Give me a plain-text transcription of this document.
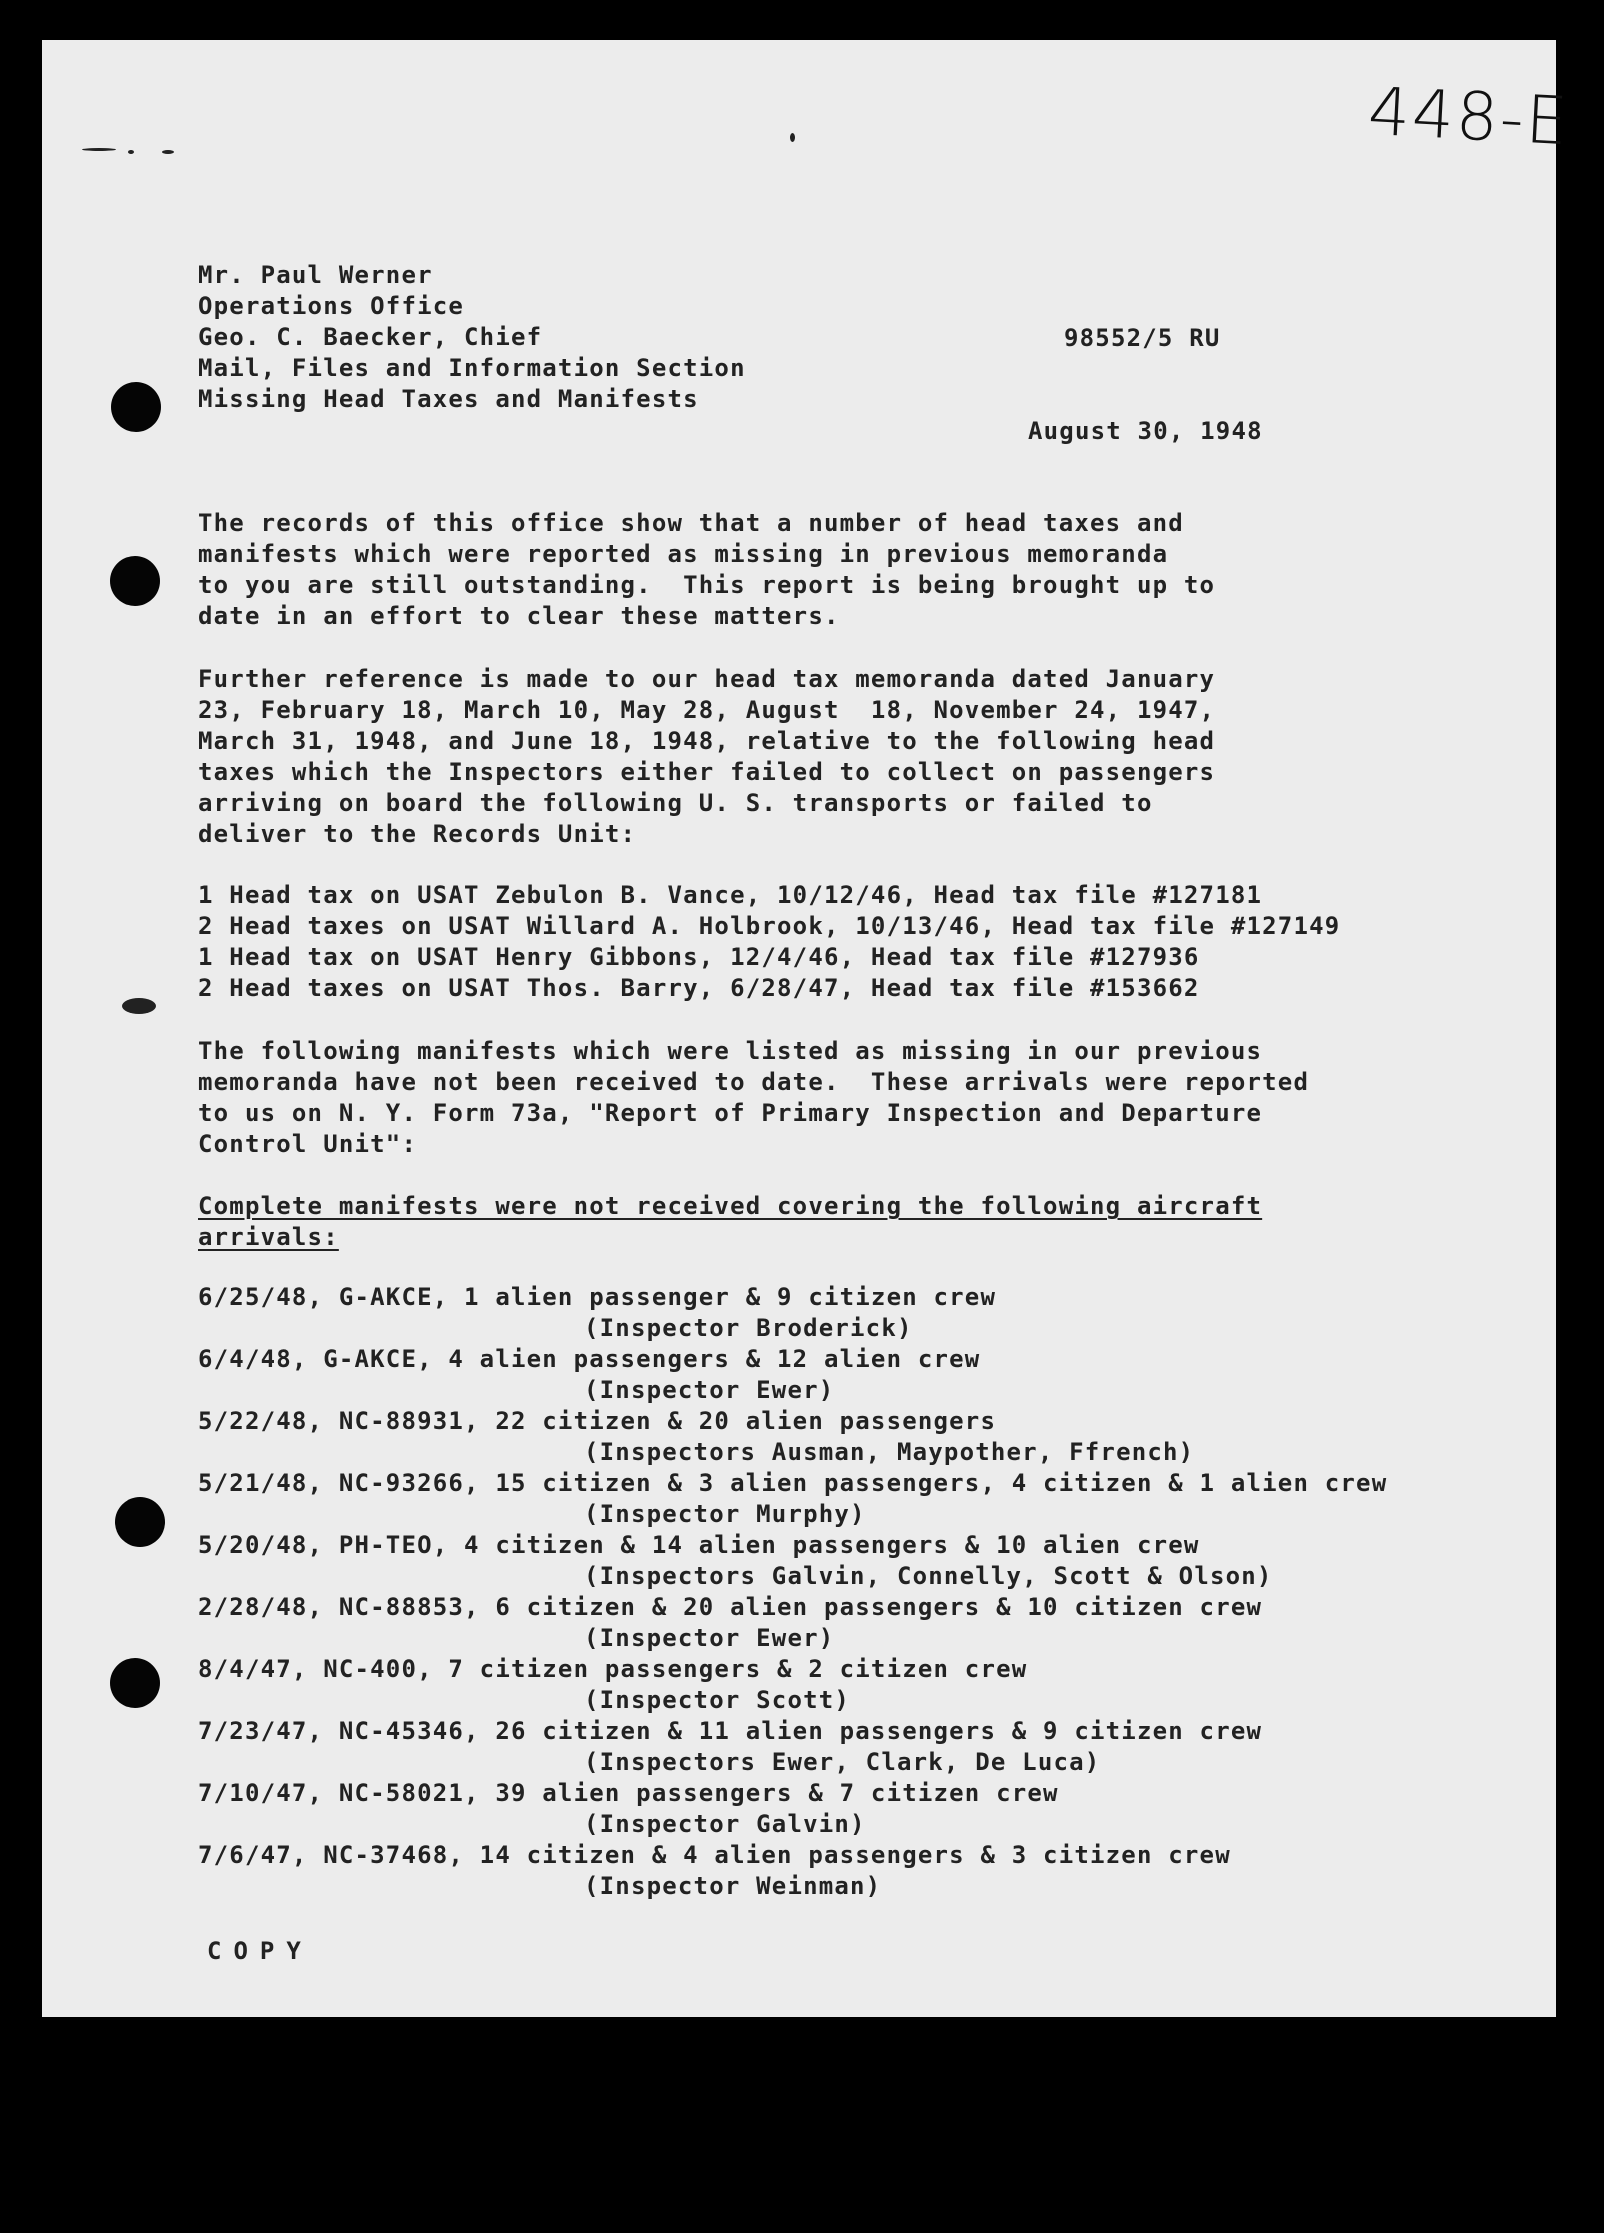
448-E
Mr. Paul Werner
Operations Office
Geo. C. Baecker, Chief
Mail, Files and Information Section
Missing Head Taxes and Manifests

98552/5 RU

August 30, 1948

The records of this office show that a number of head taxes and
manifests which were reported as missing in previous memoranda
to you are still outstanding.  This report is being brought up to
date in an effort to clear these matters.
Further reference is made to our head tax memoranda dated January
23, February 18, March 10, May 28, August  18, November 24, 1947,
March 31, 1948, and June 18, 1948, relative to the following head
taxes which the Inspectors either failed to collect on passengers
arriving on board the following U. S. transports or failed to
deliver to the Records Unit:
1 Head tax on USAT Zebulon B. Vance, 10/12/46, Head tax file #127181
2 Head taxes on USAT Willard A. Holbrook, 10/13/46, Head tax file #127149
1 Head tax on USAT Henry Gibbons, 12/4/46, Head tax file #127936
2 Head taxes on USAT Thos. Barry, 6/28/47, Head tax file #153662
The following manifests which were listed as missing in our previous
memoranda have not been received to date.  These arrivals were reported
to us on N. Y. Form 73a, "Report of Primary Inspection and Departure
Control Unit":
Complete manifests were not received covering the following aircraft
arrivals:
6/25/48, G-AKCE, 1 alien passenger & 9 citizen crew
(Inspector Broderick)
6/4/48, G-AKCE, 4 alien passengers & 12 alien crew
(Inspector Ewer)
5/22/48, NC-88931, 22 citizen & 20 alien passengers
(Inspectors Ausman, Maypother, Ffrench)
5/21/48, NC-93266, 15 citizen & 3 alien passengers, 4 citizen & 1 alien crew
(Inspector Murphy)
5/20/48, PH-TEO, 4 citizen & 14 alien passengers & 10 alien crew
(Inspectors Galvin, Connelly, Scott & Olson)
2/28/48, NC-88853, 6 citizen & 20 alien passengers & 10 citizen crew
(Inspector Ewer)
8/4/47, NC-400, 7 citizen passengers & 2 citizen crew
(Inspector Scott)
7/23/47, NC-45346, 26 citizen & 11 alien passengers & 9 citizen crew
(Inspectors Ewer, Clark, De Luca)
7/10/47, NC-58021, 39 alien passengers & 7 citizen crew
(Inspector Galvin)
7/6/47, NC-37468, 14 citizen & 4 alien passengers & 3 citizen crew
(Inspector Weinman)
COPY
